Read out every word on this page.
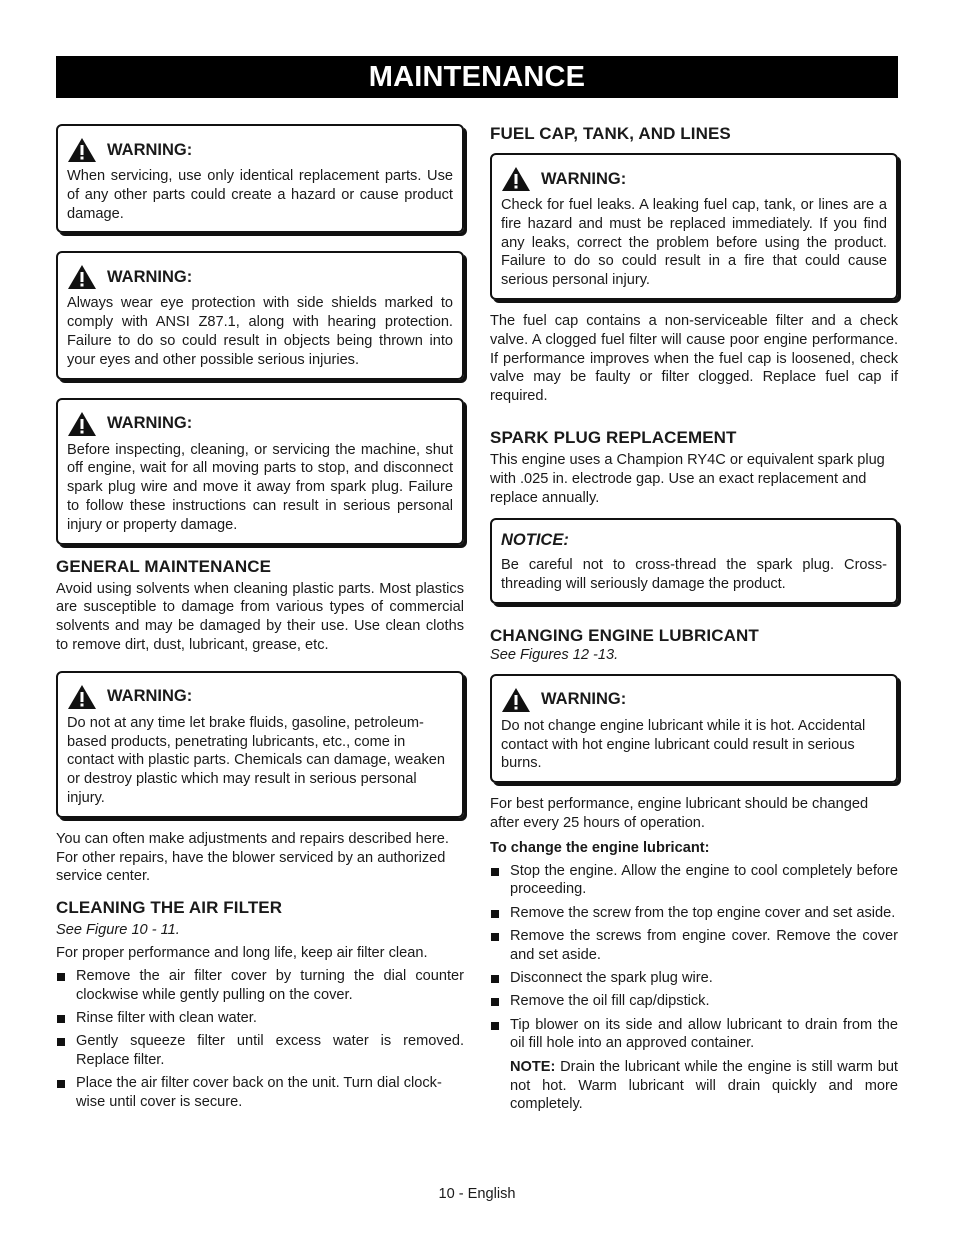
MAINTENANCE
WARNING:

When servicing, use only identical replacement parts. Use of any other parts could create a hazard or cause product damage.

WARNING:

Always wear eye protection with side shields marked to comply with ANSI Z87.1, along with hearing protection. Failure to do so could result in objects being thrown into your eyes and other possible serious injuries.

WARNING:

Before inspecting, cleaning, or servicing the machine, shut off engine, wait for all moving parts to stop, and disconnect spark plug wire and move it away from spark plug. Failure to follow these instructions can result in serious personal injury or property damage.

GENERAL MAINTENANCE

Avoid using solvents when cleaning plastic parts. Most plastics are susceptible to damage from various types of commercial solvents and may be damaged by their use. Use clean cloths to remove dirt, dust, lubricant, grease, etc.

WARNING:

Do not at any time let brake fluids, gasoline, petroleum-based products, penetrating lubricants, etc., come in contact with plastic parts. Chemicals can damage, weaken or destroy plastic which may result in serious personal injury.

You can often make adjustments and repairs described here. For other repairs, have the blower serviced by an authorized service center.

CLEANING THE AIR FILTER
See Figure 10 - 11.

For proper performance and long life, keep air filter clean.

Remove the air filter cover by turning the dial counter clockwise while gently pulling on the cover.
Rinse filter with clean water.
Gently squeeze filter until excess water is removed. Replace filter.
Place the air filter cover back on the unit. Turn dial clock-wise until cover is secure.
FUEL CAP, TANK, AND LINES
WARNING:

Check for fuel leaks. A leaking fuel cap, tank, or lines are a fire hazard and must be replaced immediately. If you find any leaks, correct the problem before using the product. Failure to do so could result in a fire that could cause serious personal injury.

The fuel cap contains a non-serviceable filter and a check valve. A clogged fuel filter will cause poor engine performance. If performance improves when the fuel cap is loosened, check valve may be faulty or filter clogged. Replace fuel cap if required.

SPARK PLUG REPLACEMENT

This engine uses a Champion RY4C or equivalent spark plug with .025 in. electrode gap. Use an exact replacement and replace annually.

NOTICE:

Be careful not to cross-thread the spark plug. Cross-threading will seriously damage the product.

CHANGING ENGINE LUBRICANT
See Figures 12 -13.
WARNING:

Do not change engine lubricant while it is hot. Accidental contact with hot engine lubricant could result in serious burns.

For best performance, engine lubricant should be changed after every 25 hours of operation.

To change the engine lubricant:
Stop the engine. Allow the engine to cool completely before proceeding.
Remove the screw from the top engine cover and set aside.
Remove the screws from engine cover. Remove the cover and set aside.
Disconnect the spark plug wire.
Remove the oil fill cap/dipstick.
Tip blower on its side and allow lubricant to drain from the oil fill hole into an approved container.
NOTE: Drain the lubricant while the engine is still warm but not hot. Warm lubricant will drain quickly and more completely.
10 - English
